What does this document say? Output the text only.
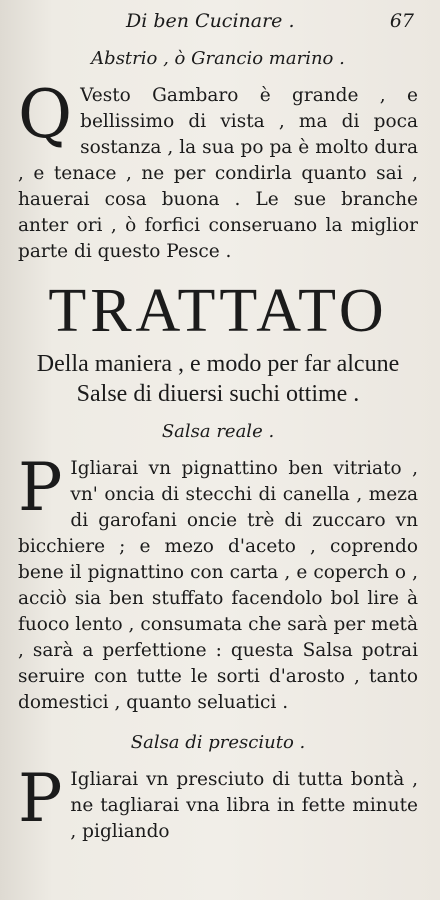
Di ben Cucinare .	67
Abstrio , ò Grancio marino .
Q Vesto Gambaro è grande , e bellissimo di vista , ma di poca sostanza , la sua po pa è molto dura , e tenace , ne per condirla quanto sai , hauerai cosa buona . Le sue branche anter ori , ò forfici conseruano la miglior parte di questo Pesce .
TRATTATO
Della maniera , e modo per far alcune Salse di diuersi suchi ottime .
Salsa reale .
P Igliarai vn pignattino ben vitriato , vn' oncia di stecchi di canella , meza di garofani oncie trè di zuccaro vn bicchiere ; e mezo d'aceto , coprendo bene il pignattino con carta , e coperch o , acciò sia ben stuffato facendolo bol lire à fuoco lento , consumata che sarà per metà , sarà a perfettione : questa Salsa potrai seruire con tutte le sorti d'arosto , tanto domestici , quanto seluatici .
Salsa di presciuto .
P Igliarai vn presciuto di tutta bontà , ne tagliarai vna libra in fette minute , pigliando
